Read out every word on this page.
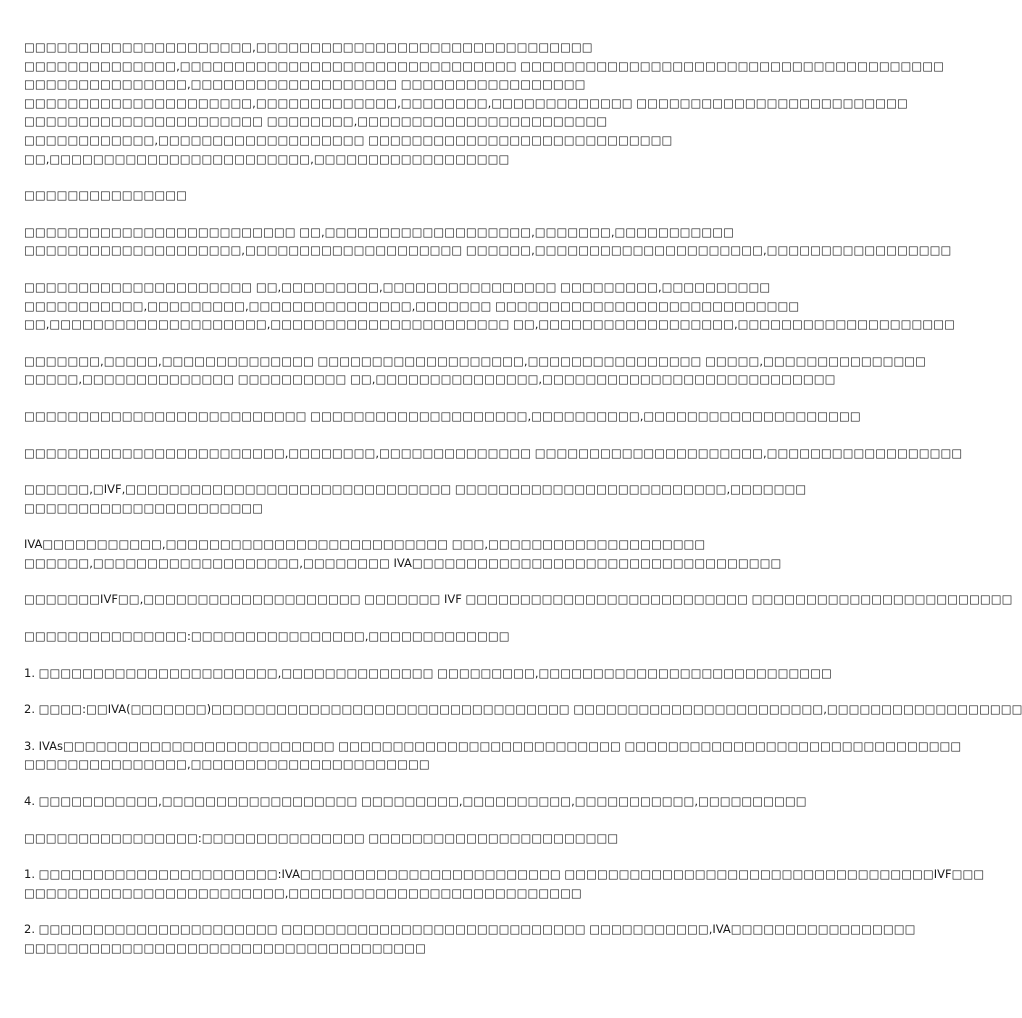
□□□□□□□□□□□□□□□□□□□□□,□□□□□□□□□□□□□□□□□□□□□□□□□□□□□□□
□□□□□□□□□□□□□□,□□□□□□□□□□□□□□□□□□□□□□□□□□□□□□□ □□□□□□□□□□□□□□□□□□□□□□□□□□□□□□□□□□□□□□□
□□□□□□□□□□□□□□□,□□□□□□□□□□□□□□□□□□□ □□□□□□□□□□□□□□□□□
□□□□□□□□□□□□□□□□□□□□□,□□□□□□□□□□□□□,□□□□□□□□,□□□□□□□□□□□□□ □□□□□□□□□□□□□□□□□□□□□□□□□
□□□□□□□□□□□□□□□□□□□□□□ □□□□□□□□,□□□□□□□□□□□□□□□□□□□□□□□
□□□□□□□□□□□□,□□□□□□□□□□□□□□□□□□□ □□□□□□□□□□□□□□□□□□□□□□□□□□□□
□□,□□□□□□□□□□□□□□□□□□□□□□□□,□□□□□□□□□□□□□□□□□□
□□□□□□□□□□□□□□□
□□□□□□□□□□□□□□□□□□□□□□□□□ □□,□□□□□□□□□□□□□□□□□□□,□□□□□□□,□□□□□□□□□□□
□□□□□□□□□□□□□□□□□□□□,□□□□□□□□□□□□□□□□□□□□ □□□□□□,□□□□□□□□□□□□□□□□□□□□□,□□□□□□□□□□□□□□□□□
□□□□□□□□□□□□□□□□□□□□□ □□,□□□□□□□□□,□□□□□□□□□□□□□□□□ □□□□□□□□□,□□□□□□□□□□
□□□□□□□□□□□,□□□□□□□□□,□□□□□□□□□□□□□□□,□□□□□□□ □□□□□□□□□□□□□□□□□□□□□□□□□□□□
□□,□□□□□□□□□□□□□□□□□□□□,□□□□□□□□□□□□□□□□□□□□□□ □□,□□□□□□□□□□□□□□□□□□,□□□□□□□□□□□□□□□□□□□□
□□□□□□□,□□□□□,□□□□□□□□□□□□□□ □□□□□□□□□□□□□□□□□□□,□□□□□□□□□□□□□□□□ □□□□□,□□□□□□□□□□□□□□□
□□□□□,□□□□□□□□□□□□□□ □□□□□□□□□□ □□,□□□□□□□□□□□□□□□,□□□□□□□□□□□□□□□□□□□□□□□□□□□
□□□□□□□□□□□□□□□□□□□□□□□□□□ □□□□□□□□□□□□□□□□□□□□,□□□□□□□□□□,□□□□□□□□□□□□□□□□□□□□
□□□□□□□□□□□□□□□□□□□□□□□□,□□□□□□□□,□□□□□□□□□□□□□□ □□□□□□□□□□□□□□□□□□□□□,□□□□□□□□□□□□□□□□□□
□□□□□□,□IVF,□□□□□□□□□□□□□□□□□□□□□□□□□□□□□□ □□□□□□□□□□□□□□□□□□□□□□□□□,□□□□□□□
□□□□□□□□□□□□□□□□□□□□□□
IVA□□□□□□□□□□□,□□□□□□□□□□□□□□□□□□□□□□□□□□ □□□,□□□□□□□□□□□□□□□□□□□□
□□□□□□,□□□□□□□□□□□□□□□□□□□,□□□□□□□□ IVA□□□□□□□□□□□□□□□□□□□□□□□□□□□□□□□□□□
□□□□□□□IVF□□,□□□□□□□□□□□□□□□□□□□□ □□□□□□□ IVF □□□□□□□□□□□□□□□□□□□□□□□□□□ □□□□□□□□□□□□□□□□□□□□□□□□
□□□□□□□□□□□□□□□:□□□□□□□□□□□□□□□□,□□□□□□□□□□□□□
1. □□□□□□□□□□□□□□□□□□□□□□,□□□□□□□□□□□□□□ □□□□□□□□□,□□□□□□□□□□□□□□□□□□□□□□□□□□□
2. □□□□:□□IVA(□□□□□□□)□□□□□□□□□□□□□□□□□□□□□□□□□□□□□□□□□ □□□□□□□□□□□□□□□□□□□□□□□,□□□□□□□□□□□□□□□□□□
3. IVAs□□□□□□□□□□□□□□□□□□□□□□□□□ □□□□□□□□□□□□□□□□□□□□□□□□□□ □□□□□□□□□□□□□□□□□□□□□□□□□□□□□□□
□□□□□□□□□□□□□□□,□□□□□□□□□□□□□□□□□□□□□□
4. □□□□□□□□□□□,□□□□□□□□□□□□□□□□□□ □□□□□□□□□,□□□□□□□□□□,□□□□□□□□□□□,□□□□□□□□□□
□□□□□□□□□□□□□□□□:□□□□□□□□□□□□□□□ □□□□□□□□□□□□□□□□□□□□□□□
1. □□□□□□□□□□□□□□□□□□□□□□:IVA□□□□□□□□□□□□□□□□□□□□□□□□ □□□□□□□□□□□□□□□□□□□□□□□□□□□□□□□□□□IVF□□□
□□□□□□□□□□□□□□□□□□□□□□□□,□□□□□□□□□□□□□□□□□□□□□□□□□□□
2. □□□□□□□□□□□□□□□□□□□□□□ □□□□□□□□□□□□□□□□□□□□□□□□□□□□ □□□□□□□□□□□,IVA□□□□□□□□□□□□□□□□□
□□□□□□□□□□□□□□□□□□□□□□□□□□□□□□□□□□□□□
